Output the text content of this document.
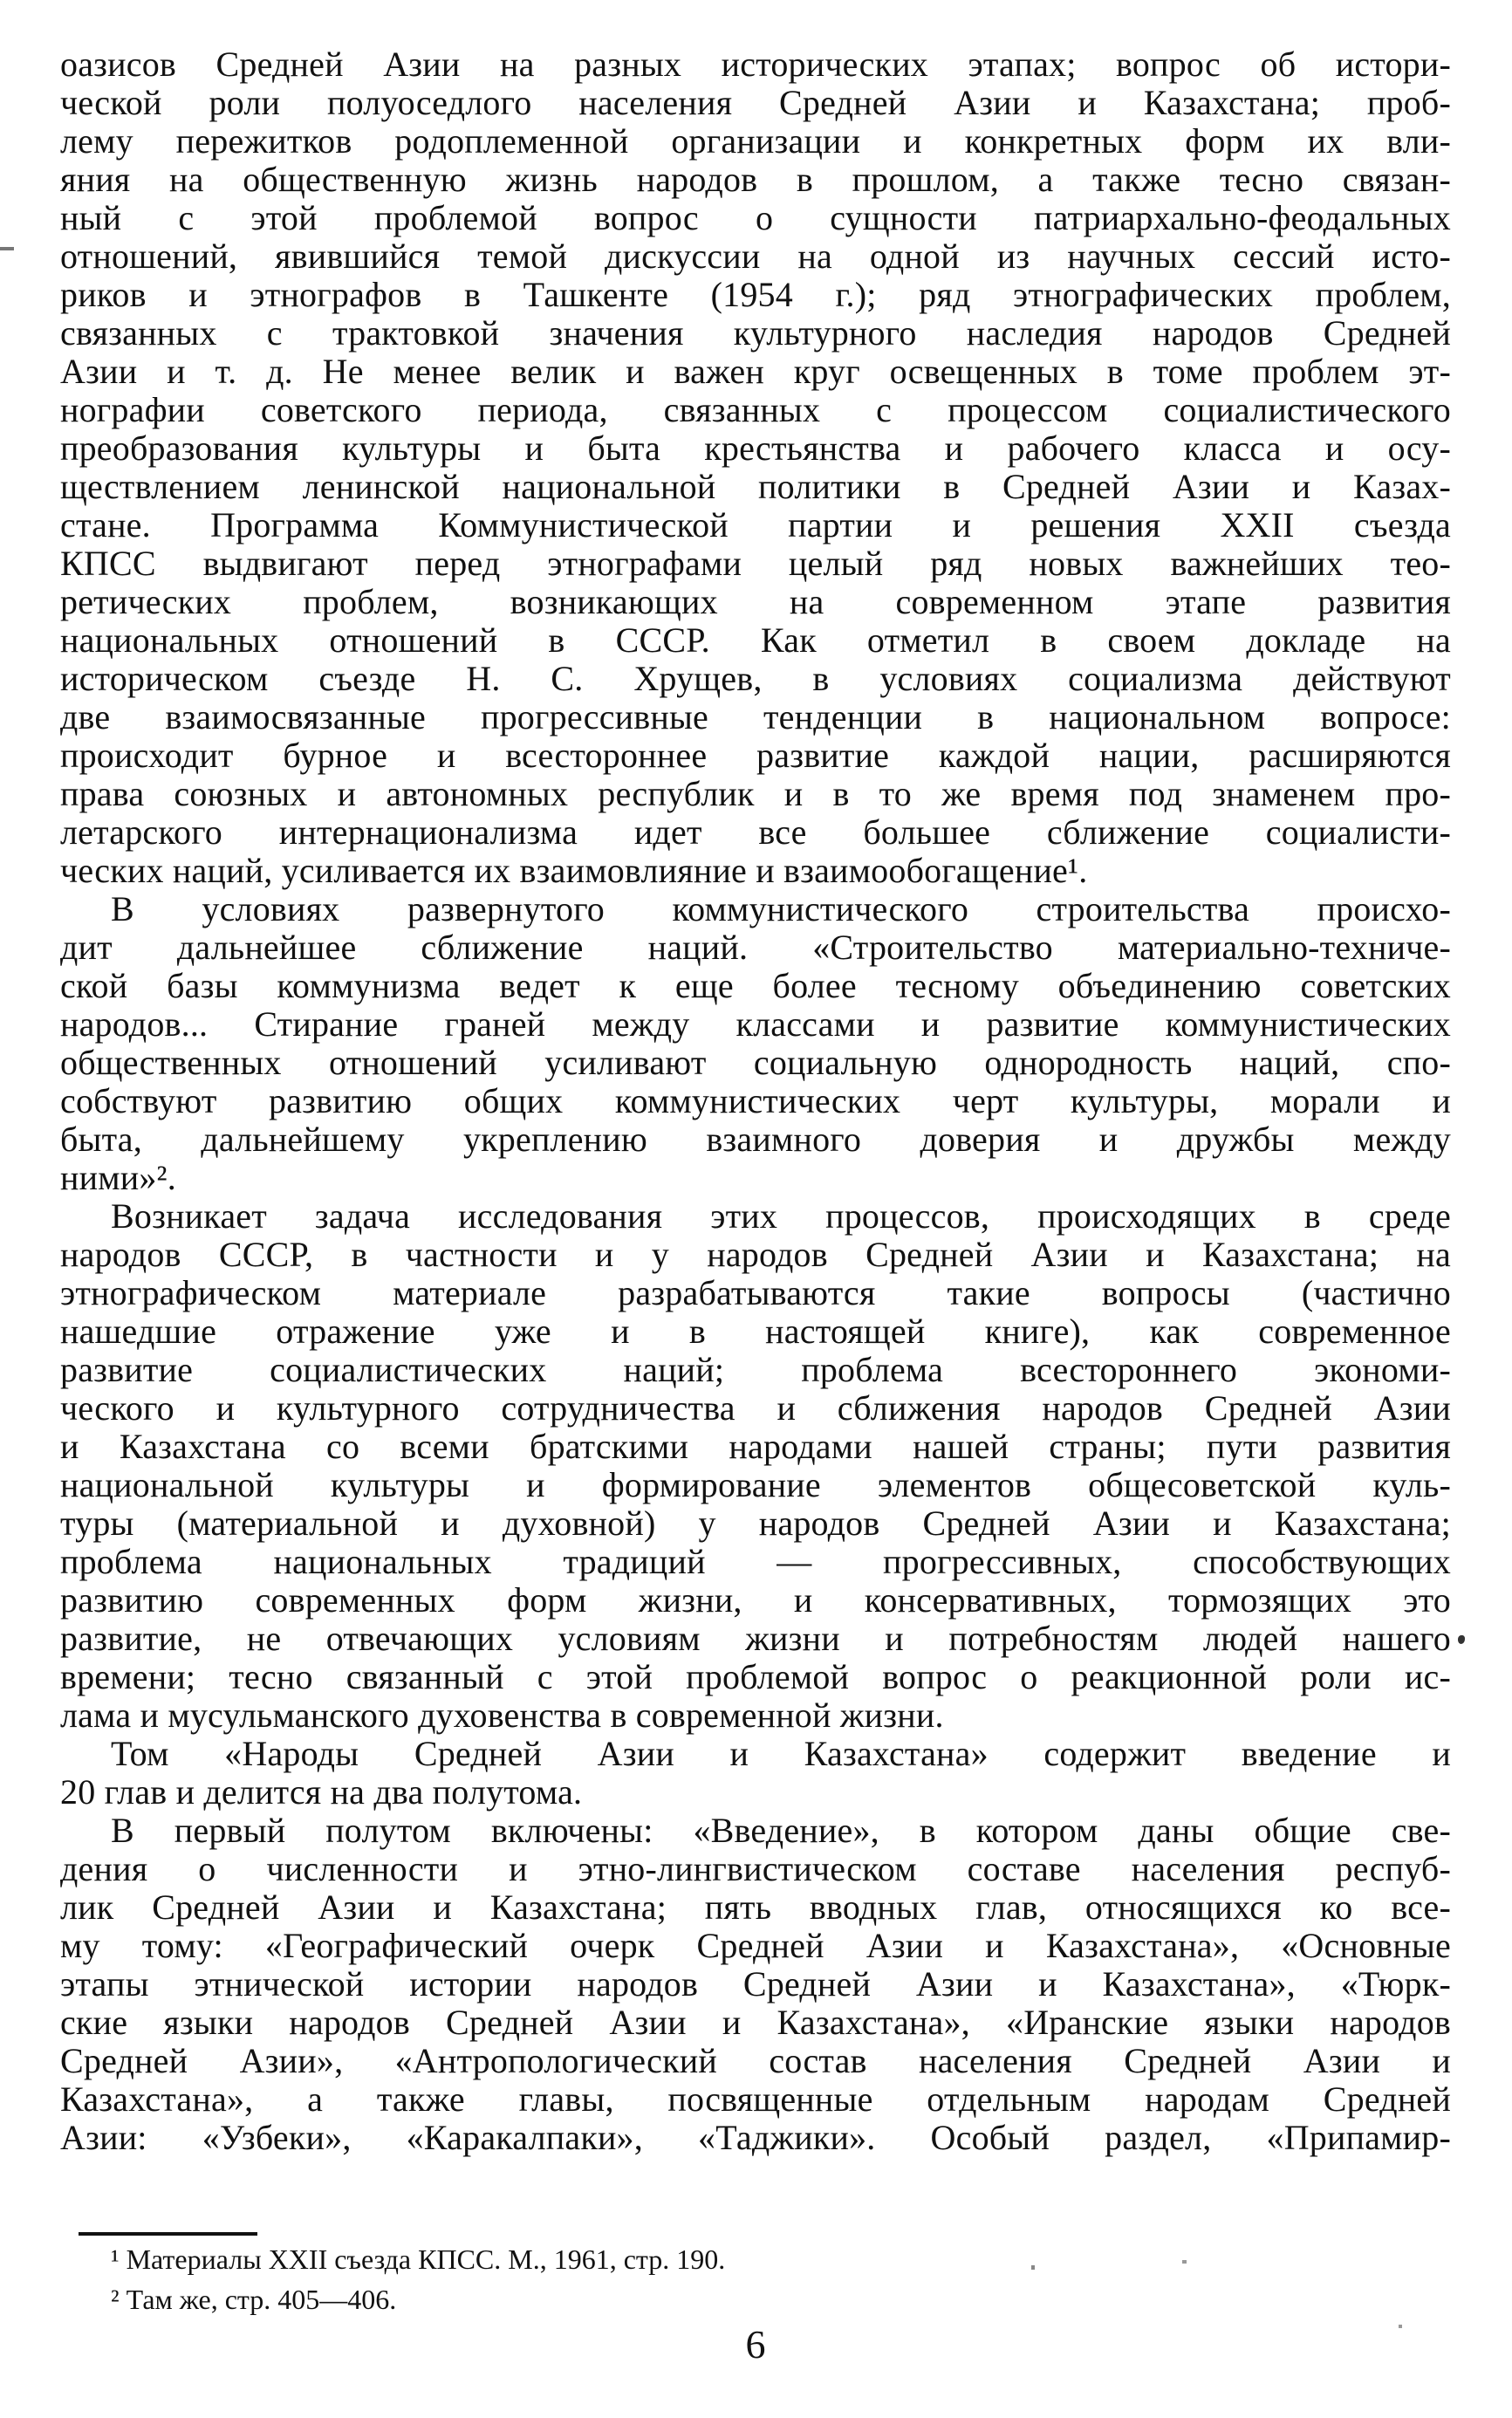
оазисов Средней Азии на разных исторических этапах; вопрос об истори-
ческой роли полуоседлого населения Средней Азии и Казахстана; проб-
лему пережитков родоплеменной организации и конкретных форм их вли-
яния на общественную жизнь народов в прошлом, а также тесно связан-
ный с этой проблемой вопрос о сущности патриархально-феодальных
отношений, явившийся темой дискуссии на одной из научных сессий исто-
риков и этнографов в Ташкенте (1954 г.); ряд этнографических проблем,
связанных с трактовкой значения культурного наследия народов Средней
Азии и т. д. Не менее велик и важен круг освещенных в томе проблем эт-
нографии советского периода, связанных с процессом социалистического
преобразования культуры и быта крестьянства и рабочего класса и осу-
ществлением ленинской национальной политики в Средней Азии и Казах-
стане. Программа Коммунистической партии и решения XXII съезда
КПСС выдвигают перед этнографами целый ряд новых важнейших тео-
ретических проблем, возникающих на современном этапе развития
национальных отношений в СССР. Как отметил в своем докладе на
историческом съезде Н. С. Хрущев, в условиях социализма действуют
две взаимосвязанные прогрессивные тенденции в национальном вопросе:
происходит бурное и всестороннее развитие каждой нации, расширяются
права союзных и автономных республик и в то же время под знаменем про-
летарского интернационализма идет все большее сближение социалисти-
ческих наций, усиливается их взаимовлияние и взаимообогащение¹.
В условиях развернутого коммунистического строительства происхо-
дит дальнейшее сближение наций. «Строительство материально-техниче-
ской базы коммунизма ведет к еще более тесному объединению советских
народов... Стирание граней между классами и развитие коммунистических
общественных отношений усиливают социальную однородность наций, спо-
собствуют развитию общих коммунистических черт культуры, морали и
быта, дальнейшему укреплению взаимного доверия и дружбы между
ними»².
Возникает задача исследования этих процессов, происходящих в среде
народов СССР, в частности и у народов Средней Азии и Казахстана; на
этнографическом материале разрабатываются такие вопросы (частично
нашедшие отражение уже и в настоящей книге), как современное
развитие социалистических наций; проблема всестороннего экономи-
ческого и культурного сотрудничества и сближения народов Средней Азии
и Казахстана со всеми братскими народами нашей страны; пути развития
национальной культуры и формирование элементов общесоветской куль-
туры (материальной и духовной) у народов Средней Азии и Казахстана;
проблема национальных традиций — прогрессивных, способствующих
развитию современных форм жизни, и консервативных, тормозящих это
развитие, не отвечающих условиям жизни и потребностям людей нашего
времени; тесно связанный с этой проблемой вопрос о реакционной роли ис-
лама и мусульманского духовенства в современной жизни.
Том «Народы Средней Азии и Казахстана» содержит введение и
20 глав и делится на два полутома.
В первый полутом включены: «Введение», в котором даны общие све-
дения о численности и этно-лингвистическом составе населения респуб-
лик Средней Азии и Казахстана; пять вводных глав, относящихся ко все-
му тому: «Географический очерк Средней Азии и Казахстана», «Основные
этапы этнической истории народов Средней Азии и Казахстана», «Тюрк-
ские языки народов Средней Азии и Казахстана», «Иранские языки народов
Средней Азии», «Антропологический состав населения Средней Азии и
Казахстана», а также главы, посвященные отдельным народам Средней
Азии: «Узбеки», «Каракалпаки», «Таджики». Особый раздел, «Припамир-
¹ Материалы XXII съезда КПСС. М., 1961, стр. 190.
² Там же, стр. 405—406.
6
